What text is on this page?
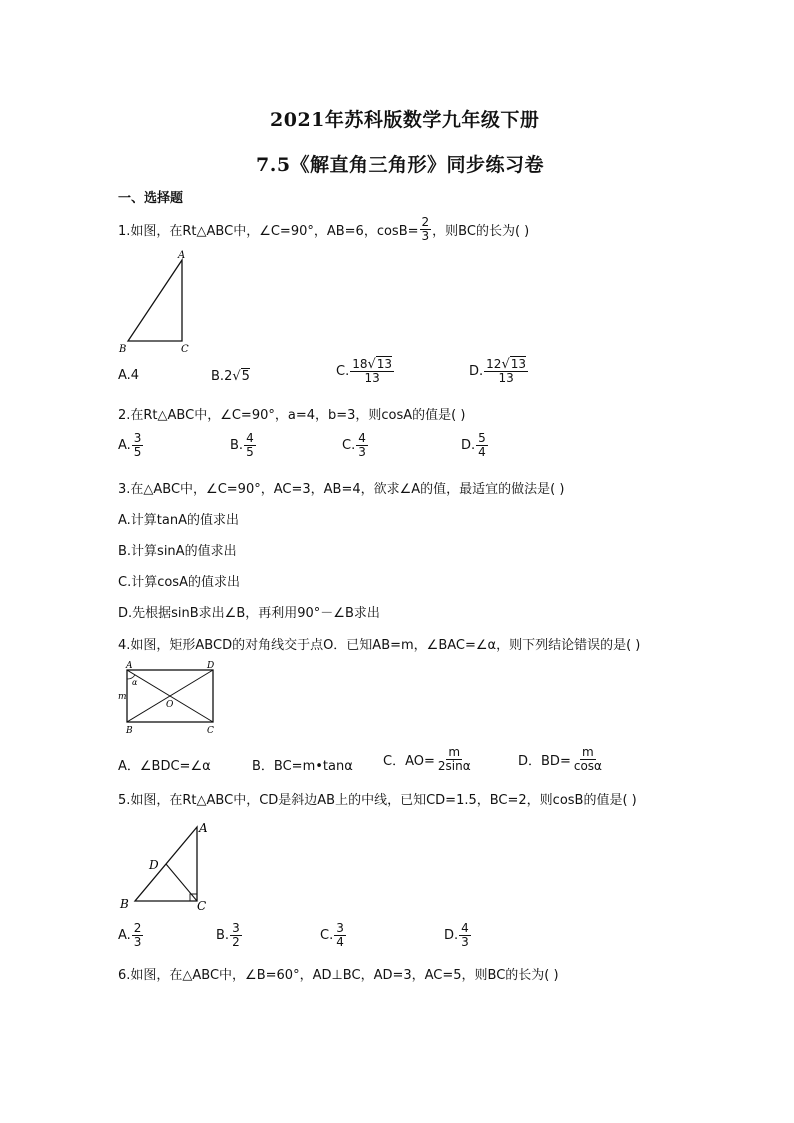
2021年苏科版数学九年级下册
7.5《解直角三角形》同步练习卷
一、选择题
1.如图，在Rt△ABC中，∠C=90°，AB=6，$\cos B= \frac{2}{3}$ ，则BC的长为( )
A
B	C
A. 4	B. 2 √ 5	C. $\frac{18√13}{13}$	D. $\frac{12√13}{13}$
2.在Rt△ABC中，∠C=90°，a=4，b=3，则cosA的值是( )
A. $\frac{3}{5}$	B. $\frac{4}{5}$	C. $\frac{4}{3}$	D. $\frac{5}{4}$
3.在△ABC中，∠C=90°，AC=3，AB=4，欲求∠A的值，最适宜的做法是( )
A.计算tanA的值求出
B.计算sinA的值求出
C.计算cosA的值求出
D.先根据sinB求出∠B，再利用90°－∠B求出
4.如图，矩形ABCD的对角线交于点O．已知AB=m，∠BAC=∠α，则下列结论错误的是( )
A	D
B	C
O
m
α
A．∠BDC=∠α	B．BC=m•tanα C．$AO= \frac{m}{2\sin\alpha}$	D．$BD= \frac{m}{\cos\alpha}$
5.如图，在Rt△ABC中，CD是斜边AB上的中线，已知CD=1.5，BC=2，则cosB的值是( )
A
D
B	C
A. $\frac{2}{3}$	B. $\frac{3}{2}$	C. $\frac{3}{4}$	D. $\frac{4}{3}$
6.如图，在△ABC中，∠B=60°，AD⊥BC，AD=3，AC=5，则BC的长为( )
